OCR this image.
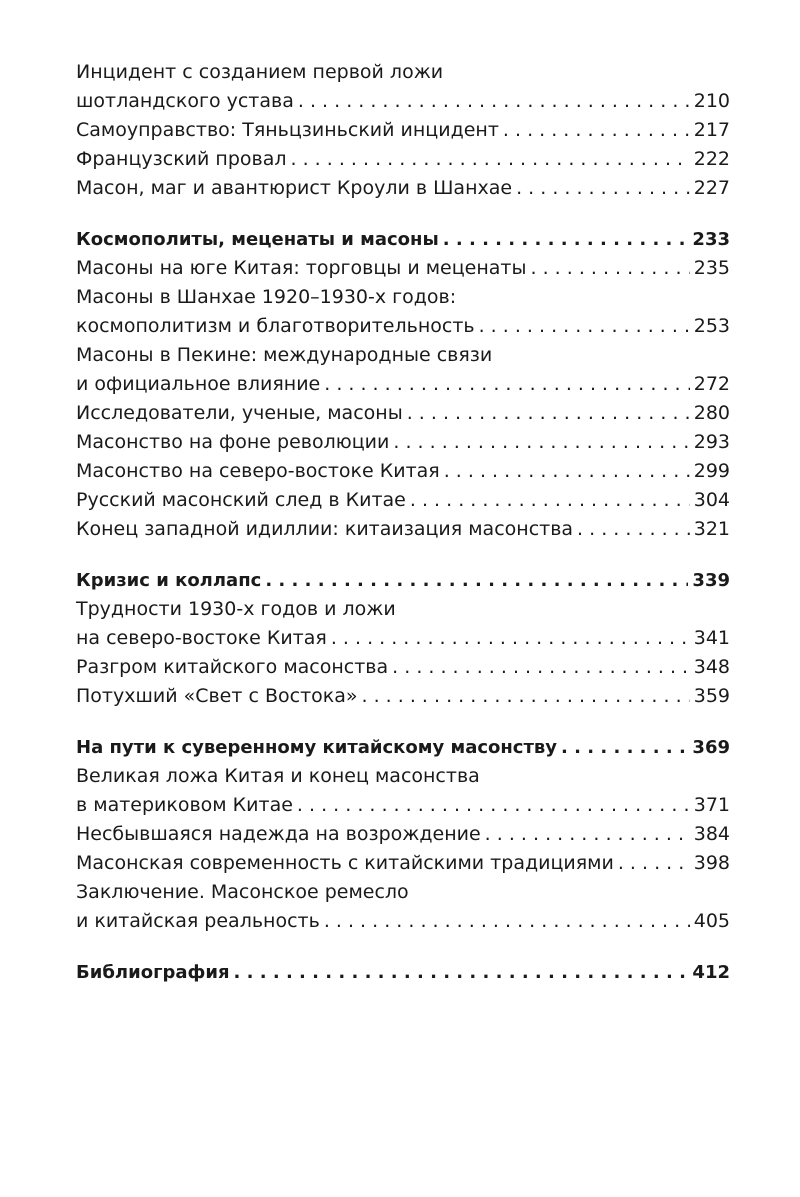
Инцидент с созданием первой ложи
шотландского устава . . .	210
Самоуправство: Тяньцзиньский инцидент . . .	217
Французский провал . . .	222
Масон, маг и авантюрист Кроули в Шанхае . . .	227
Космополиты, меценаты и масоны . . .	233
Масоны на юге Китая: торговцы и меценаты . . .	235
Масоны в Шанхае 1920–1930-х годов:
космополитизм и благотворительность . . .	253
Масоны в Пекине: международные связи
и официальное влияние . . .	272
Исследователи, ученые, масоны . . .	280
Масонство на фоне революции . . .	293
Масонство на северо-востоке Китая . . .	299
Русский масонский след в Китае . . .	304
Конец западной идиллии: китаизация масонства . . .	321
Кризис и коллапс . . .	339
Трудности 1930-х годов и ложи
на северо-востоке Китая . . .	341
Разгром китайского масонства . . .	348
Потухший «Свет с Востока» . . .	359
На пути к суверенному китайскому масонству . . .	369
Великая ложа Китая и конец масонства
в материковом Китае . . .	371
Несбывшаяся надежда на возрождение . . .	384
Масонская современность с китайскими традициями . . .	398
Заключение. Масонское ремесло
и китайская реальность . . .	405
Библиография . . .	412
